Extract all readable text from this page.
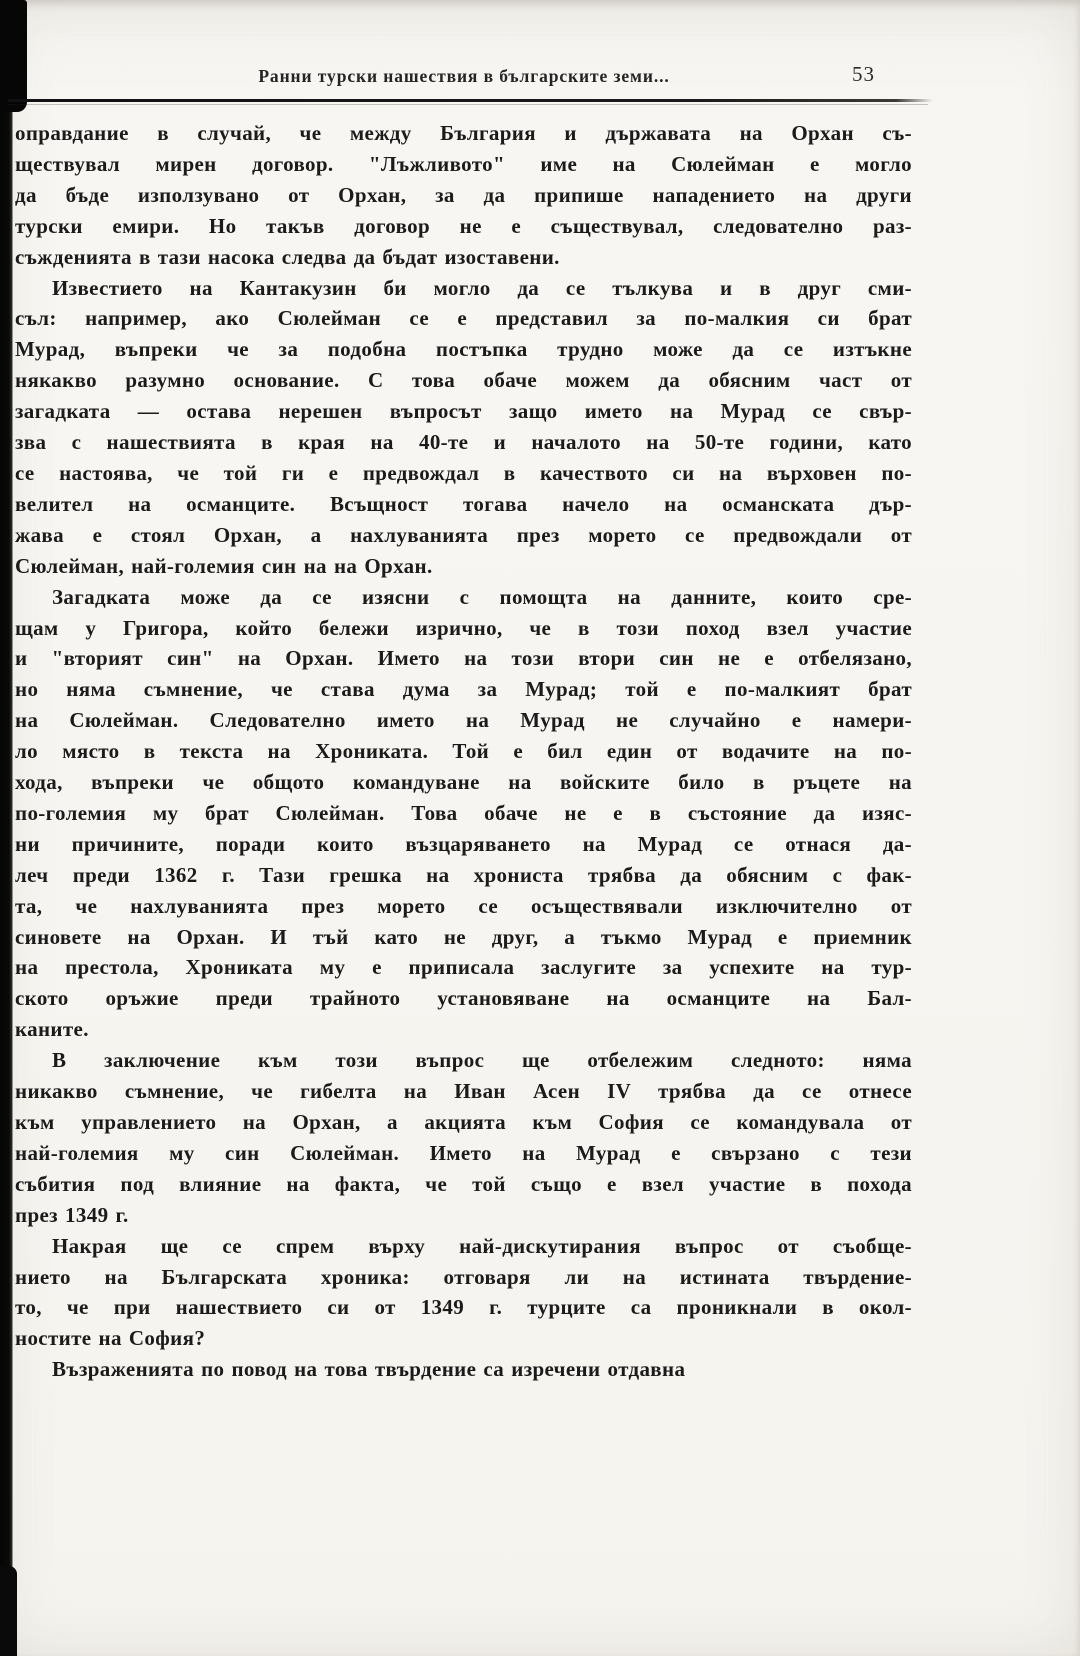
Ранни турски нашествия в българските земи...	53
оправдание в случай, че между България и държавата на Орхан съ-
ществувал мирен договор. "Лъжливото" име на Сюлейман е могло
да бъде използувано от Орхан, за да припише нападението на други
турски емири. Но такъв договор не е съществувал, следователно раз-
съжденията в тази насока следва да бъдат изоставени.
Известието на Кантакузин би могло да се тълкува и в друг сми-
съл: например, ако Сюлейман се е представил за по-малкия си брат
Мурад, въпреки че за подобна постъпка трудно може да се изтъкне
някакво разумно основание. С това обаче можем да обясним част от
загадката — остава нерешен въпросът защо името на Мурад се свър-
зва с нашествията в края на 40-те и началото на 50-те години, като
се настоява, че той ги е предвождал в качеството си на върховен по-
велител на османците. Всъщност тогава начело на османската дър-
жава е стоял Орхан, а нахлуванията през морето се предвождали от
Сюлейман, най-големия син на на Орхан.
Загадката може да се изясни с помощта на данните, които сре-
щам у Григора, който бележи изрично, че в този поход взел участие
и "вторият син" на Орхан. Името на този втори син не е отбелязано,
но няма съмнение, че става дума за Мурад; той е по-малкият брат
на Сюлейман. Следователно името на Мурад не случайно е намери-
ло място в текста на Хрониката. Той е бил един от водачите на по-
хода, въпреки че общото командуване на войските било в ръцете на
по-големия му брат Сюлейман. Това обаче не е в състояние да изяс-
ни причините, поради които възцаряването на Мурад се отнася да-
леч преди 1362 г. Тази грешка на хрониста трябва да обясним с фак-
та, че нахлуванията през морето се осъществявали изключително от
синовете на Орхан. И тъй като не друг, а тъкмо Мурад е приемник
на престола, Хрониката му е приписала заслугите за успехите на тур-
ското оръжие преди трайното установяване на османците на Бал-
каните.
В заключение към този въпрос ще отбележим следното: няма
никакво съмнение, че гибелта на Иван Асен IV трябва да се отнесе
към управлението на Орхан, а акцията към София се командувала от
най-големия му син Сюлейман. Името на Мурад е свързано с тези
събития под влияние на факта, че той също е взел участие в похода
през 1349 г.
Накрая ще се спрем върху най-дискутирания въпрос от съобще-
нието на Българската хроника: отговаря ли на истината твърдение-
то, че при нашествието си от 1349 г. турците са проникнали в окол-
ностите на София?
Възраженията по повод на това твърдение са изречени отдавна
